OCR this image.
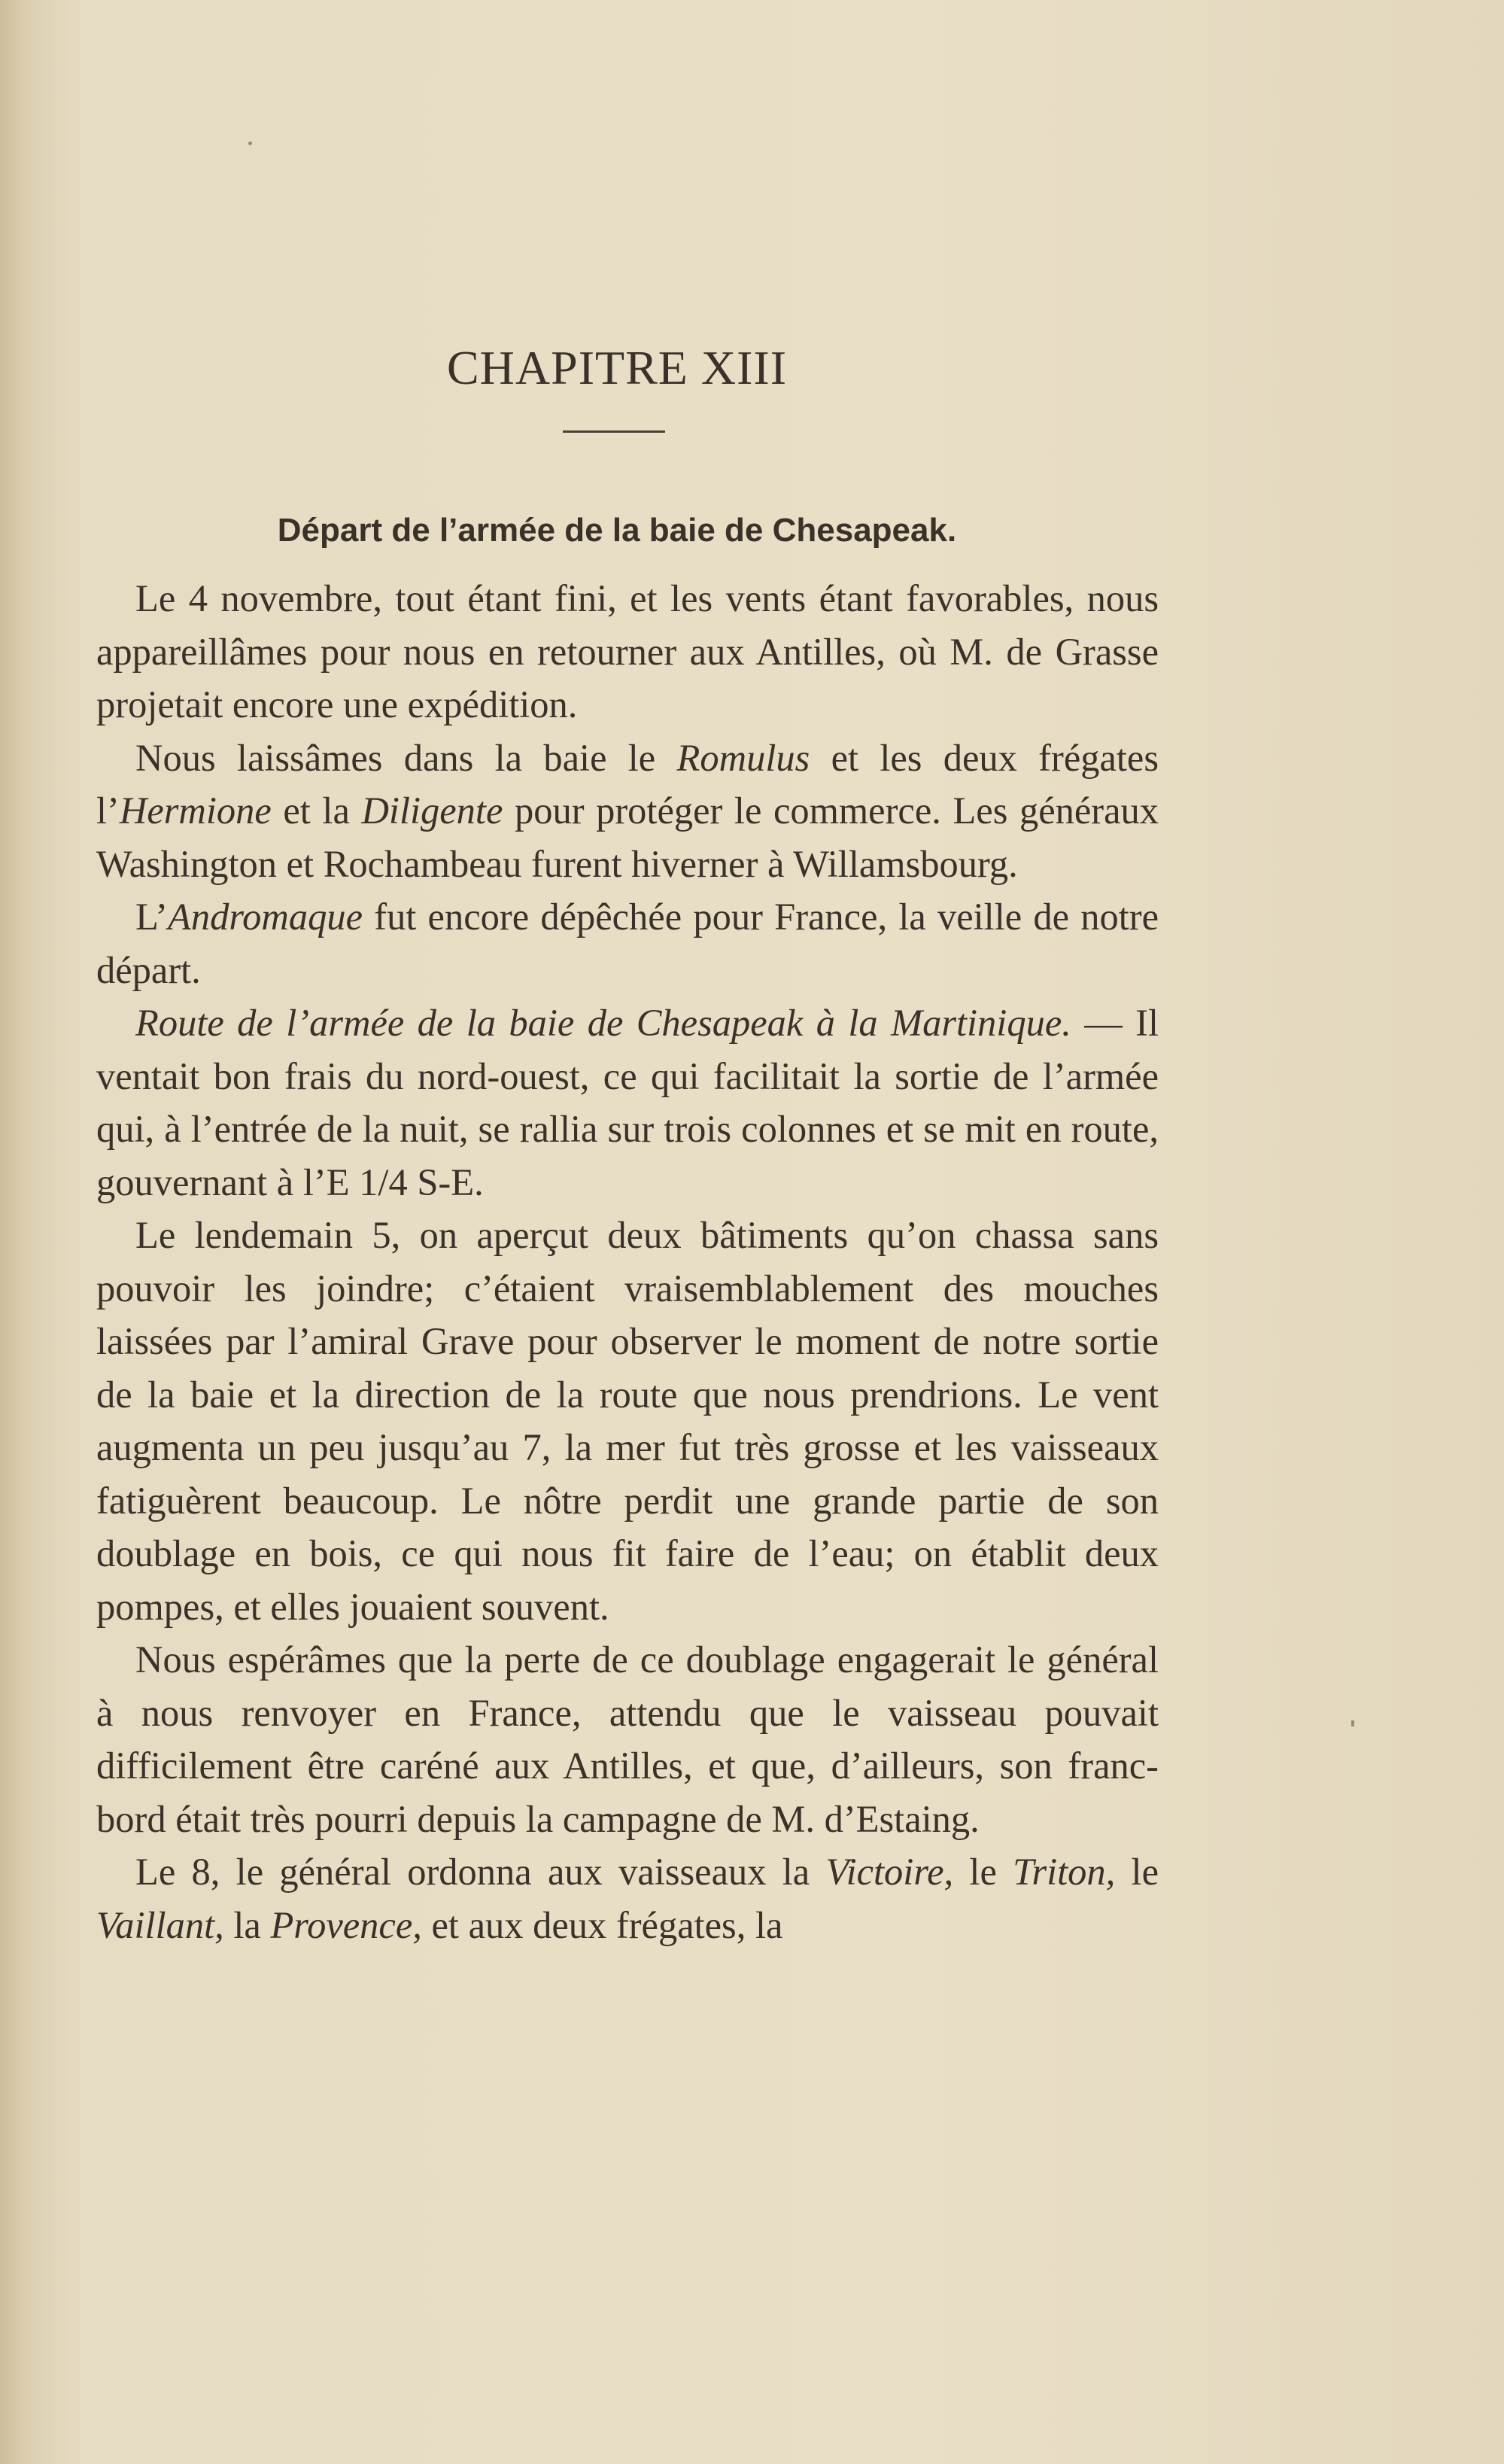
CHAPITRE XIII
Départ de l’armée de la baie de Chesapeak.

Le 4 novembre, tout étant fini, et les vents étant favorables, nous appareillâmes pour nous en retourner aux Antilles, où M. de Grasse projetait encore une expédition.

Nous laissâmes dans la baie le Romulus et les deux frégates l’Hermione et la Diligente pour protéger le commerce. Les généraux Washington et Rochambeau furent hiverner à Willamsbourg.

L’Andromaque fut encore dépêchée pour France, la veille de notre départ.

Route de l’armée de la baie de Chesapeak à la Martinique. — Il ventait bon frais du nord-ouest, ce qui facilitait la sortie de l’armée qui, à l’entrée de la nuit, se rallia sur trois colonnes et se mit en route, gouvernant à l’E 1/4 S-E.

Le lendemain 5, on aperçut deux bâtiments qu’on chassa sans pouvoir les joindre; c’étaient vraisemblablement des mouches laissées par l’amiral Grave pour observer le moment de notre sortie de la baie et la direction de la route que nous prendrions. Le vent augmenta un peu jusqu’au 7, la mer fut très grosse et les vaisseaux fatiguèrent beaucoup. Le nôtre perdit une grande partie de son doublage en bois, ce qui nous fit faire de l’eau; on établit deux pompes, et elles jouaient souvent.

Nous espérâmes que la perte de ce doublage engagerait le général à nous renvoyer en France, attendu que le vaisseau pouvait difficilement être caréné aux Antilles, et que, d’ailleurs, son franc-bord était très pourri depuis la campagne de M. d’Estaing.

Le 8, le général ordonna aux vaisseaux la Victoire, le Triton, le Vaillant, la Provence, et aux deux frégates, la
